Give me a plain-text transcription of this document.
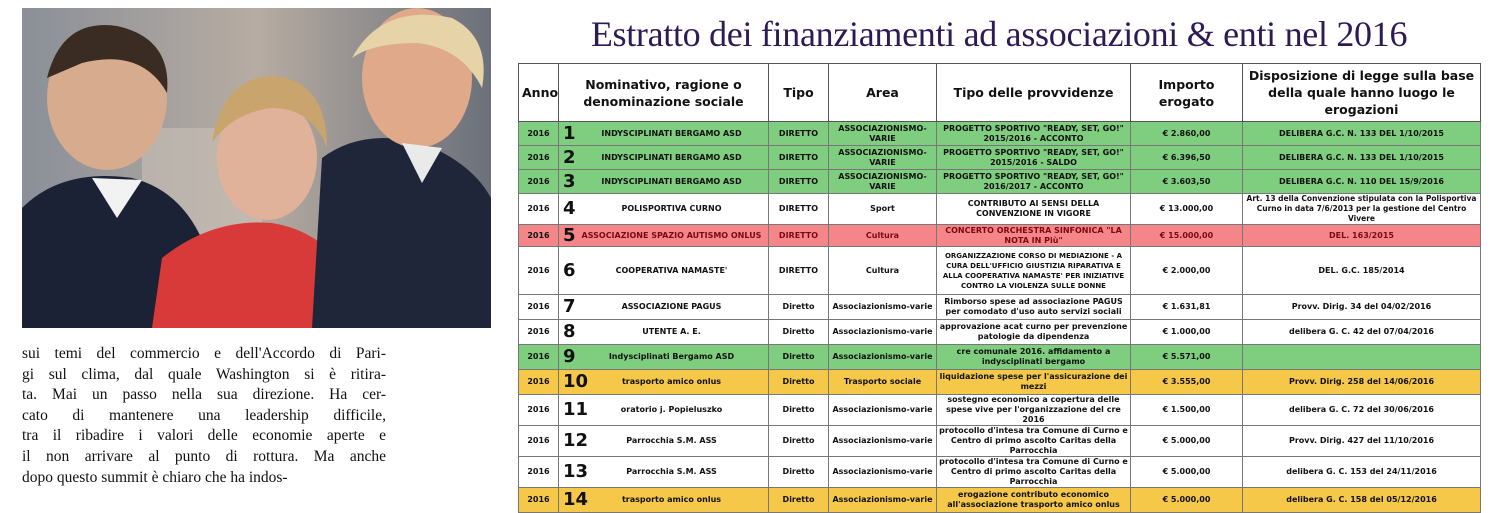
sui temi del commercio e dell'Accordo di Pari-
gi sul clima, dal quale Washington si è ritira-
ta. Mai un passo nella sua direzione. Ha cer-
cato di mantenere una leadership difficile,
tra il ribadire i valori delle economie aperte e
il non arrivare al punto di rottura. Ma anche
dopo questo summit è chiaro che ha indos-
Estratto dei finanziamenti ad associazioni & enti nel 2016
Anno	Nominativo, ragione o denominazione sociale	Tipo	Area	Tipo delle provvidenze	Importo erogato	Disposizione di legge sulla base della quale hanno luogo le erogazioni
2016	1 INDYSCIPLINATI BERGAMO ASD	DIRETTO	ASSOCIAZIONISMO-VARIE	PROGETTO SPORTIVO "READY, SET, GO!" 2015/2016 - ACCONTO	€ 2.860,00	DELIBERA G.C. N. 133 DEL 1/10/2015
2016	2 INDYSCIPLINATI BERGAMO ASD	DIRETTO	ASSOCIAZIONISMO-VARIE	PROGETTO SPORTIVO "READY, SET, GO!" 2015/2016 - SALDO	€ 6.396,50	DELIBERA G.C. N. 133 DEL 1/10/2015
2016	3 INDYSCIPLINATI BERGAMO ASD	DIRETTO	ASSOCIAZIONISMO-VARIE	PROGETTO SPORTIVO "READY, SET, GO!" 2016/2017 - ACCONTO	€ 3.603,50	DELIBERA G.C. N. 110 DEL 15/9/2016
2016	4 POLISPORTIVA CURNO	DIRETTO	Sport	CONTRIBUTO AI SENSI DELLA CONVENZIONE IN VIGORE	€ 13.000,00	Art. 13 della Convenzione stipulata con la Polisportiva Curno in data 7/6/2013 per la gestione del Centro Vivere
2016	5 ASSOCIAZIONE SPAZIO AUTISMO ONLUS	DIRETTO	Cultura	CONCERTO ORCHESTRA SINFONICA "LA NOTA IN Più"	€ 15.000,00	DEL. 163/2015
2016	6 COOPERATIVA NAMASTE'	DIRETTO	Cultura	ORGANIZZAZIONE CORSO DI MEDIAZIONE - A CURA DELL'UFFICIO GIUSTIZIA RIPARATIVA E ALLA COOPERATIVA NAMASTE' PER INIZIATIVE CONTRO LA VIOLENZA SULLE DONNE	€ 2.000,00	DEL. G.C. 185/2014
2016	7 ASSOCIAZIONE PAGUS	Diretto	Associazionismo-varie	Rimborso spese ad associazione PAGUS per comodato d'uso auto servizi sociali	€ 1.631,81	Provv. Dirig. 34 del 04/02/2016
2016	8 UTENTE A. E.	Diretto	Associazionismo-varie	approvazione acat curno per prevenzione patologie da dipendenza	€ 1.000,00	delibera G. C. 42 del 07/04/2016
2016	9 Indysciplinati Bergamo ASD	Diretto	Associazionismo-varie	cre comunale 2016. affidamento a indysciplinati bergamo	€ 5.571,00	
2016	10 trasporto amico onlus	Diretto	Trasporto sociale	liquidazione spese per l'assicurazione dei mezzi	€ 3.555,00	Provv. Dirig. 258 del 14/06/2016
2016	11 oratorio j. Popieluszko	Diretto	Associazionismo-varie	sostegno economico a copertura delle spese vive per l'organizzazione del cre 2016	€ 1.500,00	delibera G. C. 72 del 30/06/2016
2016	12 Parrocchia S.M. ASS	Diretto	Associazionismo-varie	protocollo d'intesa tra Comune di Curno e Centro di primo ascolto Caritas della Parrocchia	€ 5.000,00	Provv. Dirig. 427 del 11/10/2016
2016	13 Parrocchia S.M. ASS	Diretto	Associazionismo-varie	protocollo d'intesa tra Comune di Curno e Centro di primo ascolto Caritas della Parrocchia	€ 5.000,00	delibera G. C. 153 del 24/11/2016
2016	14 trasporto amico onlus	Diretto	Associazionismo-varie	erogazione contributo economico all'associazione trasporto amico onlus	€ 5.000,00	delibera G. C. 158 del 05/12/2016
